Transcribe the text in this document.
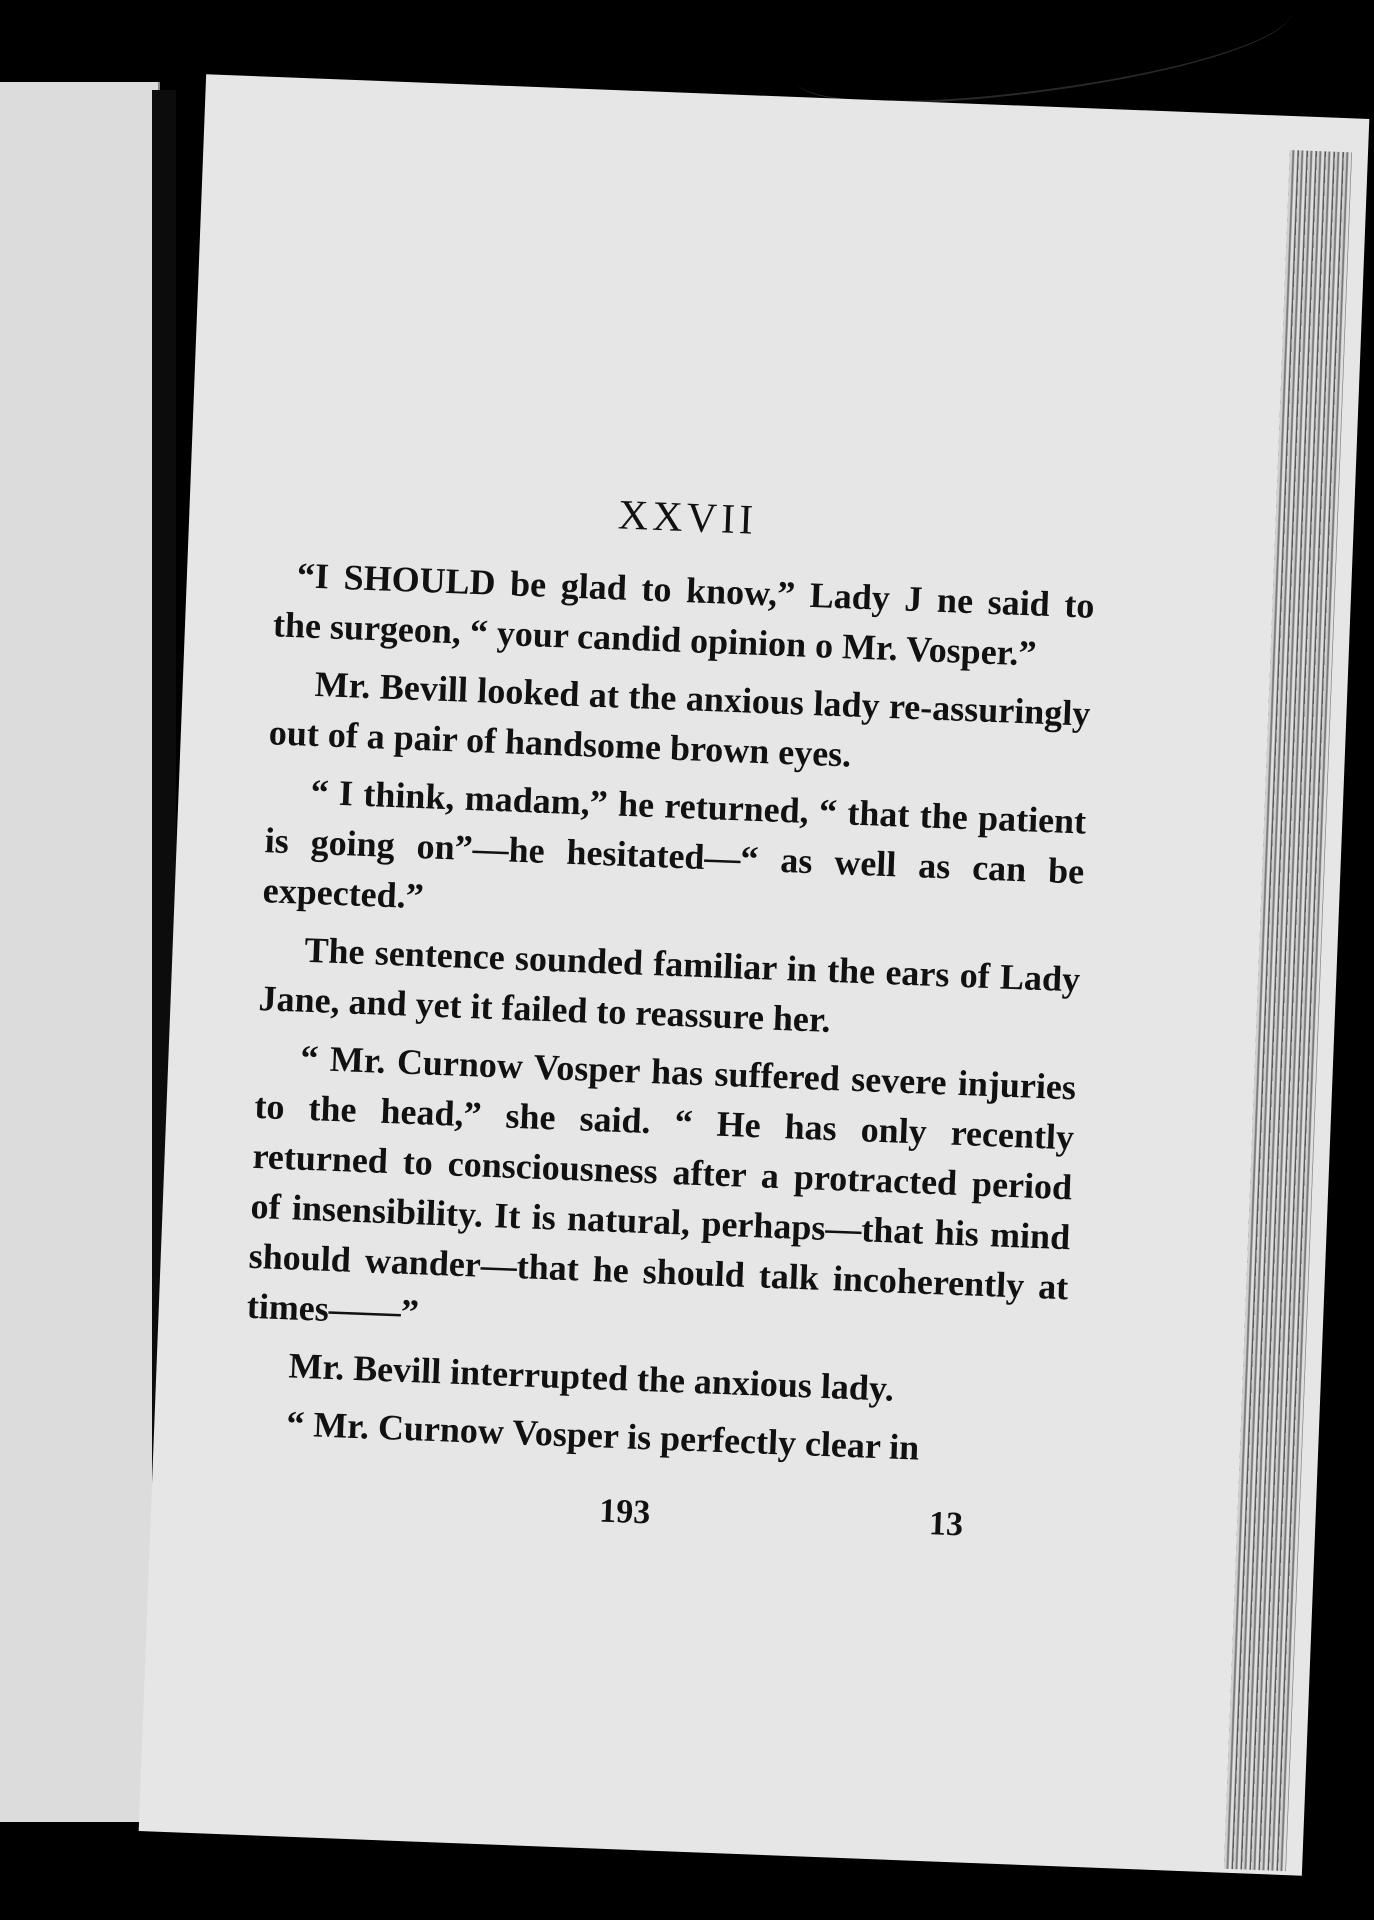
XXVII

“I SHOULD be glad to know,” Lady J ne said to the surgeon, “ your candid opinion o Mr. Vosper.”

Mr. Bevill looked at the anxious lady re-assuringly out of a pair of handsome brown eyes.

“ I think, madam,” he returned, “ that the patient is going on”—he hesitated—“ as well as can be expected.”

The sentence sounded familiar in the ears of Lady Jane, and yet it failed to reassure her.

“ Mr. Curnow Vosper has suffered severe injuries to the head,” she said. “ He has only recently returned to consciousness after a protracted period of insensibility. It is natural, perhaps—that his mind should wander—that he should talk incoherently at times——”

Mr. Bevill interrupted the anxious lady.

“ Mr. Curnow Vosper is perfectly clear in

193	13
